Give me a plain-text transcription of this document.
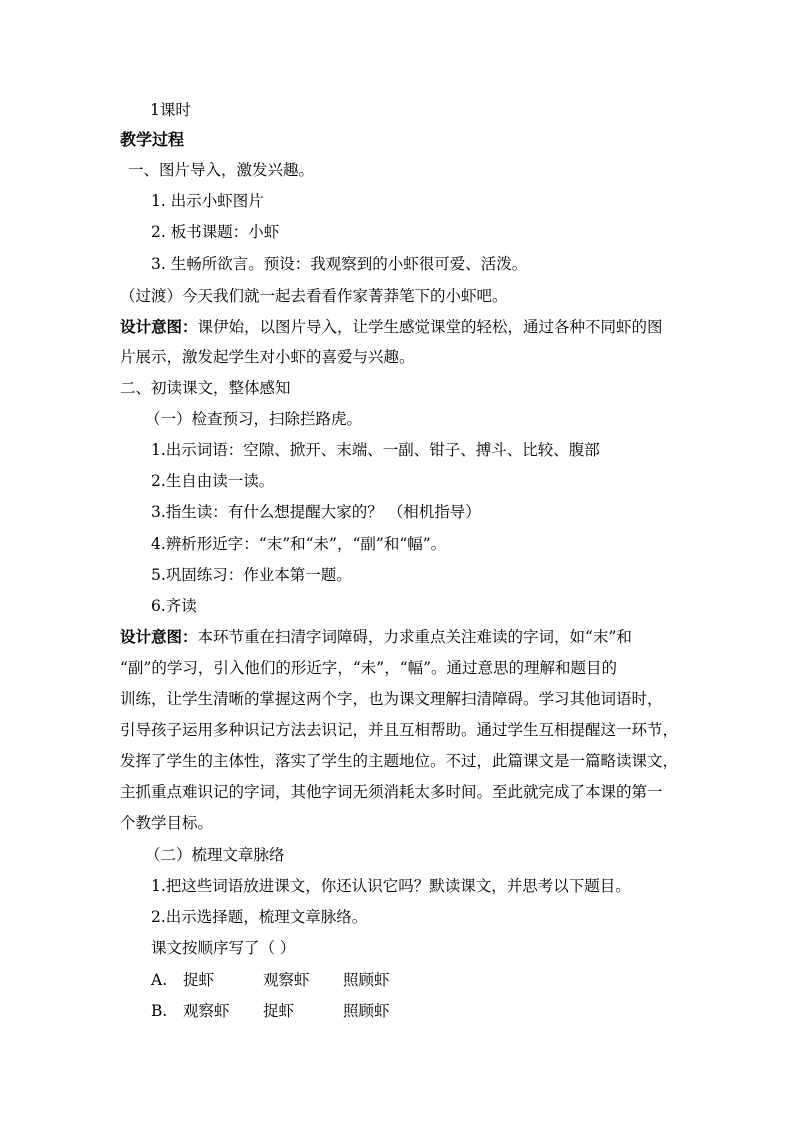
1课时
教学过程
一、图片导入，激发兴趣。
1. 出示小虾图片
2. 板书课题：小虾
3. 生畅所欲言。预设：我观察到的小虾很可爱、活泼。
（过渡）今天我们就一起去看看作家菁莽笔下的小虾吧。
设计意图：课伊始，以图片导入，让学生感觉课堂的轻松，通过各种不同虾的图
片展示，激发起学生对小虾的喜爱与兴趣。
二、初读课文，整体感知
（一）检查预习，扫除拦路虎。
1.出示词语：空隙、掀开、末端、一副、钳子、搏斗、比较、腹部
2.生自由读一读。
3.指生读：有什么想提醒大家的？ （相机指导）
4.辨析形近字：“末”和“未”，“副”和“幅”。
5.巩固练习：作业本第一题。
6.齐读
设计意图：本环节重在扫清字词障碍，力求重点关注难读的字词，如“末”和
“副”的学习，引入他们的形近字，“未”，“幅”。通过意思的理解和题目的
训练，让学生清晰的掌握这两个字，也为课文理解扫清障碍。学习其他词语时，
引导孩子运用多种识记方法去识记，并且互相帮助。通过学生互相提醒这一环节，
发挥了学生的主体性，落实了学生的主题地位。不过，此篇课文是一篇略读课文，
主抓重点难识记的字词，其他字词无须消耗太多时间。至此就完成了本课的第一
个教学目标。
（二）梳理文章脉络
1.把这些词语放进课文，你还认识它吗？默读课文，并思考以下题目。
2.出示选择题，梳理文章脉络。
课文按顺序写了（ ）
A. 捉虾	观察虾 照顾虾
B. 观察虾 捉虾	照顾虾
